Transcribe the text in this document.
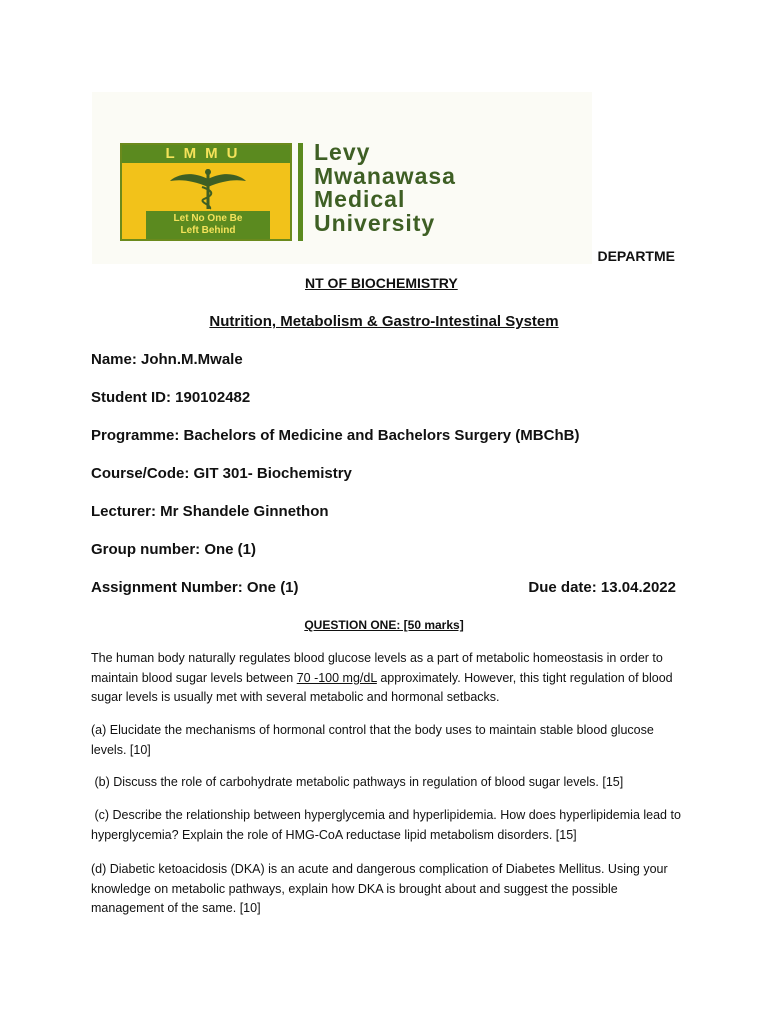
LMMU
Let No One Be
Left Behind
Levy
Mwanawasa
Medical
University
DEPARTME
NT OF BIOCHEMISTRY
Nutrition, Metabolism & Gastro-Intestinal System
Name: John.M.Mwale
Student ID: 190102482
Programme: Bachelors of Medicine and Bachelors Surgery (MBChB)
Course/Code: GIT 301- Biochemistry
Lecturer: Mr Shandele Ginnethon
Group number: One (1)
Assignment Number: One (1)	Due date: 13.04.2022
QUESTION ONE: [50 marks]
The human body naturally regulates blood glucose levels as a part of metabolic homeostasis in order to maintain blood sugar levels between 70 -100 mg/dL approximately. However, this tight regulation of blood sugar levels is usually met with several metabolic and hormonal setbacks.
(a) Elucidate the mechanisms of hormonal control that the body uses to maintain stable blood glucose levels. [10]
(b) Discuss the role of carbohydrate metabolic pathways in regulation of blood sugar levels. [15]
(c) Describe the relationship between hyperglycemia and hyperlipidemia. How does hyperlipidemia lead to hyperglycemia? Explain the role of HMG-CoA reductase lipid metabolism disorders. [15]
(d) Diabetic ketoacidosis (DKA) is an acute and dangerous complication of Diabetes Mellitus. Using your knowledge on metabolic pathways, explain how DKA is brought about and suggest the possible management of the same. [10]
